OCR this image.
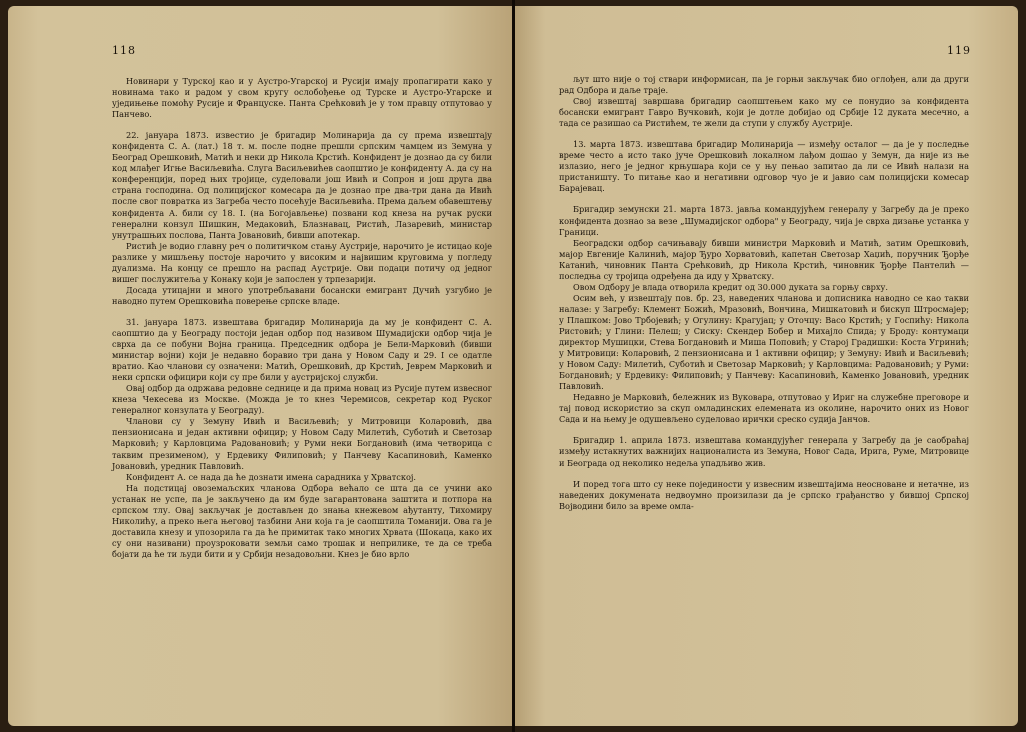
118

Новинари у Турској као и у Аустро-Угарској и Русији имају пропагирати како у новинама тако и радом у свом кругу ослобођење од Турске и Аустро-Угарске и уједињење помоћу Русије и Француске. Панта Срећковић је у том правцу отпутовао у Панчево.

22. јануара 1873. известио је бригадир Молинарија да су према извештају конфидента С. А. (лат.) 18 т. м. после подне прешли српским чамцем из Земуна у Београд Орешковић, Матић и неки др Никола Крстић. Конфидент је дознао да су били код млађег Игње Васиљевића. Слуга Васиљевићев саопштио је конфиденту А. да су на конференцији, поред њих тројице, суделовали још Ивић и Сопрон и још друга два страна господина. Од полицијског комесара да је дознао пре два-три дана да Ивић после свог повратка из Загреба често посећује Васиљевића. Према даљем обавештењу конфидента А. били су 18. I. (на Богојављење) позвани код кнеза на ручак руски генерални конзул Шишкин, Медаковић, Блазнавац, Ристић, Лазаревић, министар унутрашњих послова, Панта Јовановић, бивши апотекар.

Ристић је водио главну реч о политичком стању Аустрије, нарочито је истицао које разлике у мишљењу постоје нарочито у високим и највишим круговима у погледу дуализма. На концу се прешло на распад Аустрије. Ови подаци потичу од једног вишег послужитеља у Конаку који је запослен у трпезарији.

Досада утицајни и много употребљавани босански емигрант Дучић узгубио је наводно путем Орешковића поверење српске владе.

31. јануара 1873. извештава бригадир Молинарија да му је конфидент С. А. саопштио да у Београду постоји један одбор под називом Шумадијски одбор чија је сврха да се побуни Војна граница. Председник одбора је Бели-Марковић (бивши министар војни) који је недавно боравио три дана у Новом Саду и 29. I се одатле вратио. Као чланови су означени: Матић, Орешковић, др Крстић, Јеврем Марковић и неки српски официри који су пре били у аустријској служби.

Овај одбор да одржава редовне седнице и да прима новац из Русије путем извесног кнеза Чекесева из Москве. (Можда је то кнез Черемисов, секретар код Руског генералног конзулата у Београду).

Чланови су у Земуну Ивић и Васиљевић; у Митровици Коларовић, два пензионисана и један активни официр; у Новом Саду Милетић, Суботић и Светозар Марковић; у Карловцима Радовановић; у Руми неки Богдановић (има четворица с таквим презименом), у Ердевику Филиповић; у Панчеву Касапиновић, Каменко Јовановић, уредник Павловић.

Конфидент А. се нада да ће дознати имена сарадника у Хрватској.

На подстицај овоземаљских чланова Одбора већало се шта да се учини ако устанак не успе, па је закључено да им буде загарантована заштита и потпора на српском тлу. Овај закључак је достављен до знања кнежевом ађутанту, Тихомиру Николићу, а преко њега његовој тазбини Ани која га је саопштила Томанији. Ова га је доставила кнезу и упозорила га да ће примитак тако многих Хрвата (Шокаца, како их су они називани) проузроковати земљи само трошак и неприлике, те да се треба бојати да ће ти људи бити и у Србији незадовољни. Кнез је био врло

119

љут што није о тој ствари информисан, па је горњи закључак био оглођен, али да други рад Одбора и даље траје.

Свој извештај завршава бригадир саопштењем како му се понудио за конфидента босански емигрант Гавро Вучковић, који је дотле добијао од Србије 12 дуката месечно, а тада се разишао са Ристићем, те жели да ступи у службу Аустрије.

13. марта 1873. извештава бригадир Молинарија — између осталог — да је у последње време често а исто тако јуче Орешковић локалном лађом дошао у Земун, да није из ње излазио, него је једног крњушара који се у њу пењао запитао да ли се Ивић налази на пристаништу. То питање као и негативни одговор чуо је и јавио сам полицијски комесар Барајевац.

Бригадир земунски 21. марта 1873. јавља командујућем генералу у Загребу да је преко конфидента дознао за везе „Шумадијског одбора" у Београду, чија је сврха дизање устанка у Граници.

Београдски одбор сачињавају бивши министри Марковић и Матић, затим Орешковић, мајор Евгеније Калинић, мајор Ђуро Хорватовић, капетан Светозар Хаџић, поручник Ђорђе Катанић, чиновник Панта Срећковић, др Никола Крстић, чиновник Ђорђе Пантелић — последња су тројица одређена да иду у Хрватску.

Овом Одбору је влада отворила кредит од 30.000 дуката за горњу сврху.

Осим већ, у извештају пов. бр. 23, наведених чланова и дописника наводно се као такви налазе: у Загребу: Клемент Божић, Мразовић, Вончина, Мишкатовић и бискуп Штросмајер; у Плашком: Јово Трбојевић; у Огулину: Крагујац; у Оточцу: Васо Крстић; у Госпићу: Никола Ристовић; у Глини: Пелеш; у Сиску: Скендер Бобер и Михајло Спида; у Броду: контумаци директор Мушицки, Стева Богдановић и Миша Поповић; у Старој Градишки: Коста Угринић; у Митровици: Коларовић, 2 пензионисана и 1 активни официр; у Земуну: Ивић и Васиљевић; у Новом Саду: Милетић, Суботић и Светозар Марковић; у Карловцима: Радовановић; у Руми: Богдановић; у Ердевику: Филиповић; у Панчеву: Касапиновић, Каменко Јовановић, уредник Павловић.

Недавно је Марковић, бележник из Вуковара, отпутовао у Ириг на служебне преговоре и тај повод искористио за скуп омладинских елемената из околине, нарочито оних из Новог Сада и на њему је одушевљено суделовао ирички среско судија Јанчов.

Бригадир 1. априла 1873. извештава командујућег генерала у Загребу да је саобраћај између истакнутих важнијих националиста из Земуна, Новог Сада, Ирига, Руме, Митровице и Београда од неколико недеља упадљиво жив.

И поред тога што су неке појединости у извесним извештајима неосноване и нетачне, из наведених докумената недвоумно произилази да је српско грађанство у бившој Српској Војводини било за време омла-
